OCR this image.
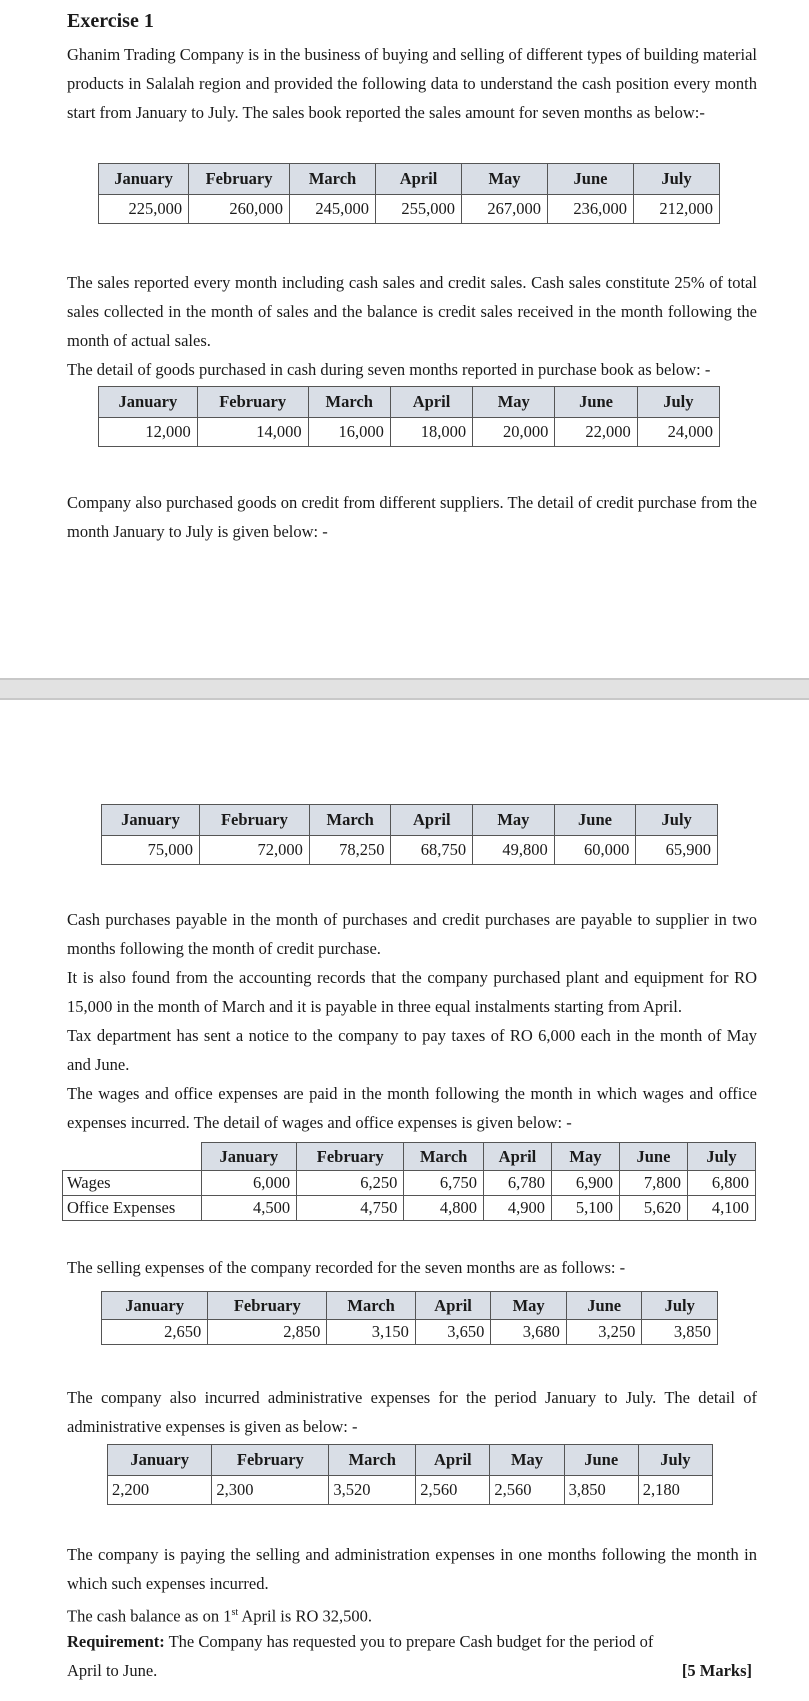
Exercise 1

Ghanim Trading Company is in the business of buying and selling of different types of building material products in Salalah region and provided the following data to understand the cash position every month start from January to July. The sales book reported the sales amount for seven months as below:-

January	February	March	April	May	June	July
225,000	260,000	245,000	255,000	267,000	236,000	212,000

The sales reported every month including cash sales and credit sales. Cash sales constitute 25% of total sales collected in the month of sales and the balance is credit sales received in the month following the month of actual sales.

The detail of goods purchased in cash during seven months reported in purchase book as below: -

January	February	March	April	May	June	July
12,000	14,000	16,000	18,000	20,000	22,000	24,000

Company also purchased goods on credit from different suppliers. The detail of credit purchase from the month January to July is given below: -

January	February	March	April	May	June	July
75,000	72,000	78,250	68,750	49,800	60,000	65,900

Cash purchases payable in the month of purchases and credit purchases are payable to supplier in two months following the month of credit purchase.

It is also found from the accounting records that the company purchased plant and equipment for RO 15,000 in the month of March and it is payable in three equal instalments starting from April.

Tax department has sent a notice to the company to pay taxes of RO 6,000 each in the month of May and June.

The wages and office expenses are paid in the month following the month in which wages and office expenses incurred. The detail of wages and office expenses is given below: -

	January	February	March	April	May	June	July
Wages	6,000	6,250	6,750	6,780	6,900	7,800	6,800
Office Expenses	4,500	4,750	4,800	4,900	5,100	5,620	4,100

The selling expenses of the company recorded for the seven months are as follows: -

January	February	March	April	May	June	July
2,650	2,850	3,150	3,650	3,680	3,250	3,850

The company also incurred administrative expenses for the period January to July. The detail of administrative expenses is given as below: -

January	February	March	April	May	June	July
2,200	2,300	3,520	2,560	2,560	3,850	2,180

The company is paying the selling and administration expenses in one months following the month in which such expenses incurred.

The cash balance as on 1st April is RO 32,500.

Requirement: The Company has requested you to prepare Cash budget for the period of April to June.	[5 Marks]
